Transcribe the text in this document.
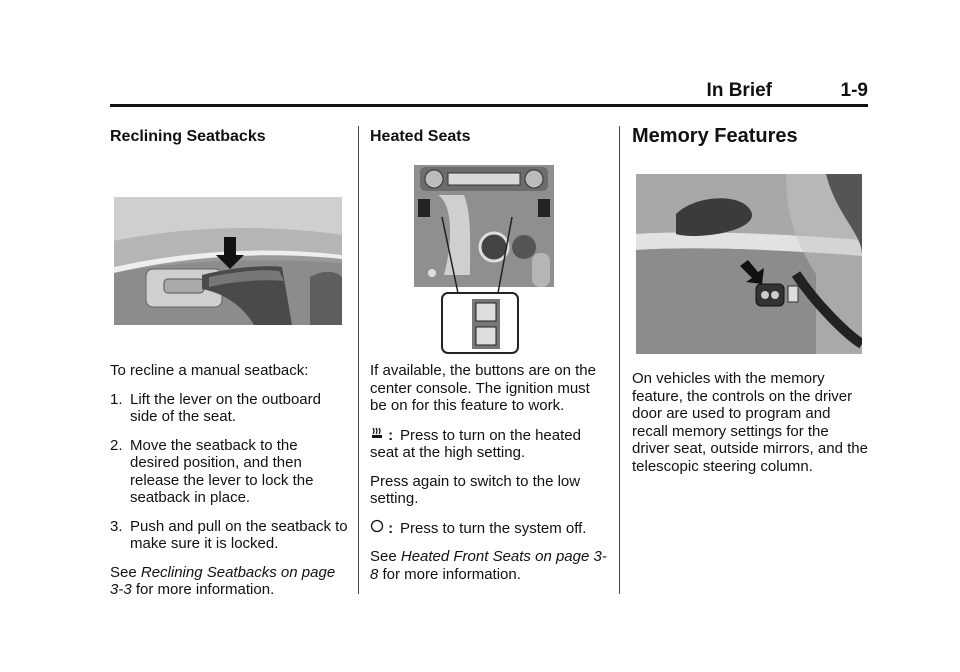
In Brief	1-9
Reclining Seatbacks

To recline a manual seatback:

1. Lift the lever on the outboard side of the seat.
2. Move the seatback to the desired position, and then release the lever to lock the seatback in place.
3. Push and pull on the seatback to make sure it is locked.

See Reclining Seatbacks on page 3-3 for more information.

Heated Seats

If available, the buttons are on the center console. The ignition must be on for this feature to work.

:Press to turn on the heated seat at the high setting.

Press again to switch to the low setting.

:Press to turn the system off.

See Heated Front Seats on page 3-8 for more information.

Memory Features

On vehicles with the memory feature, the controls on the driver door are used to program and recall memory settings for the driver seat, outside mirrors, and the telescopic steering column.
